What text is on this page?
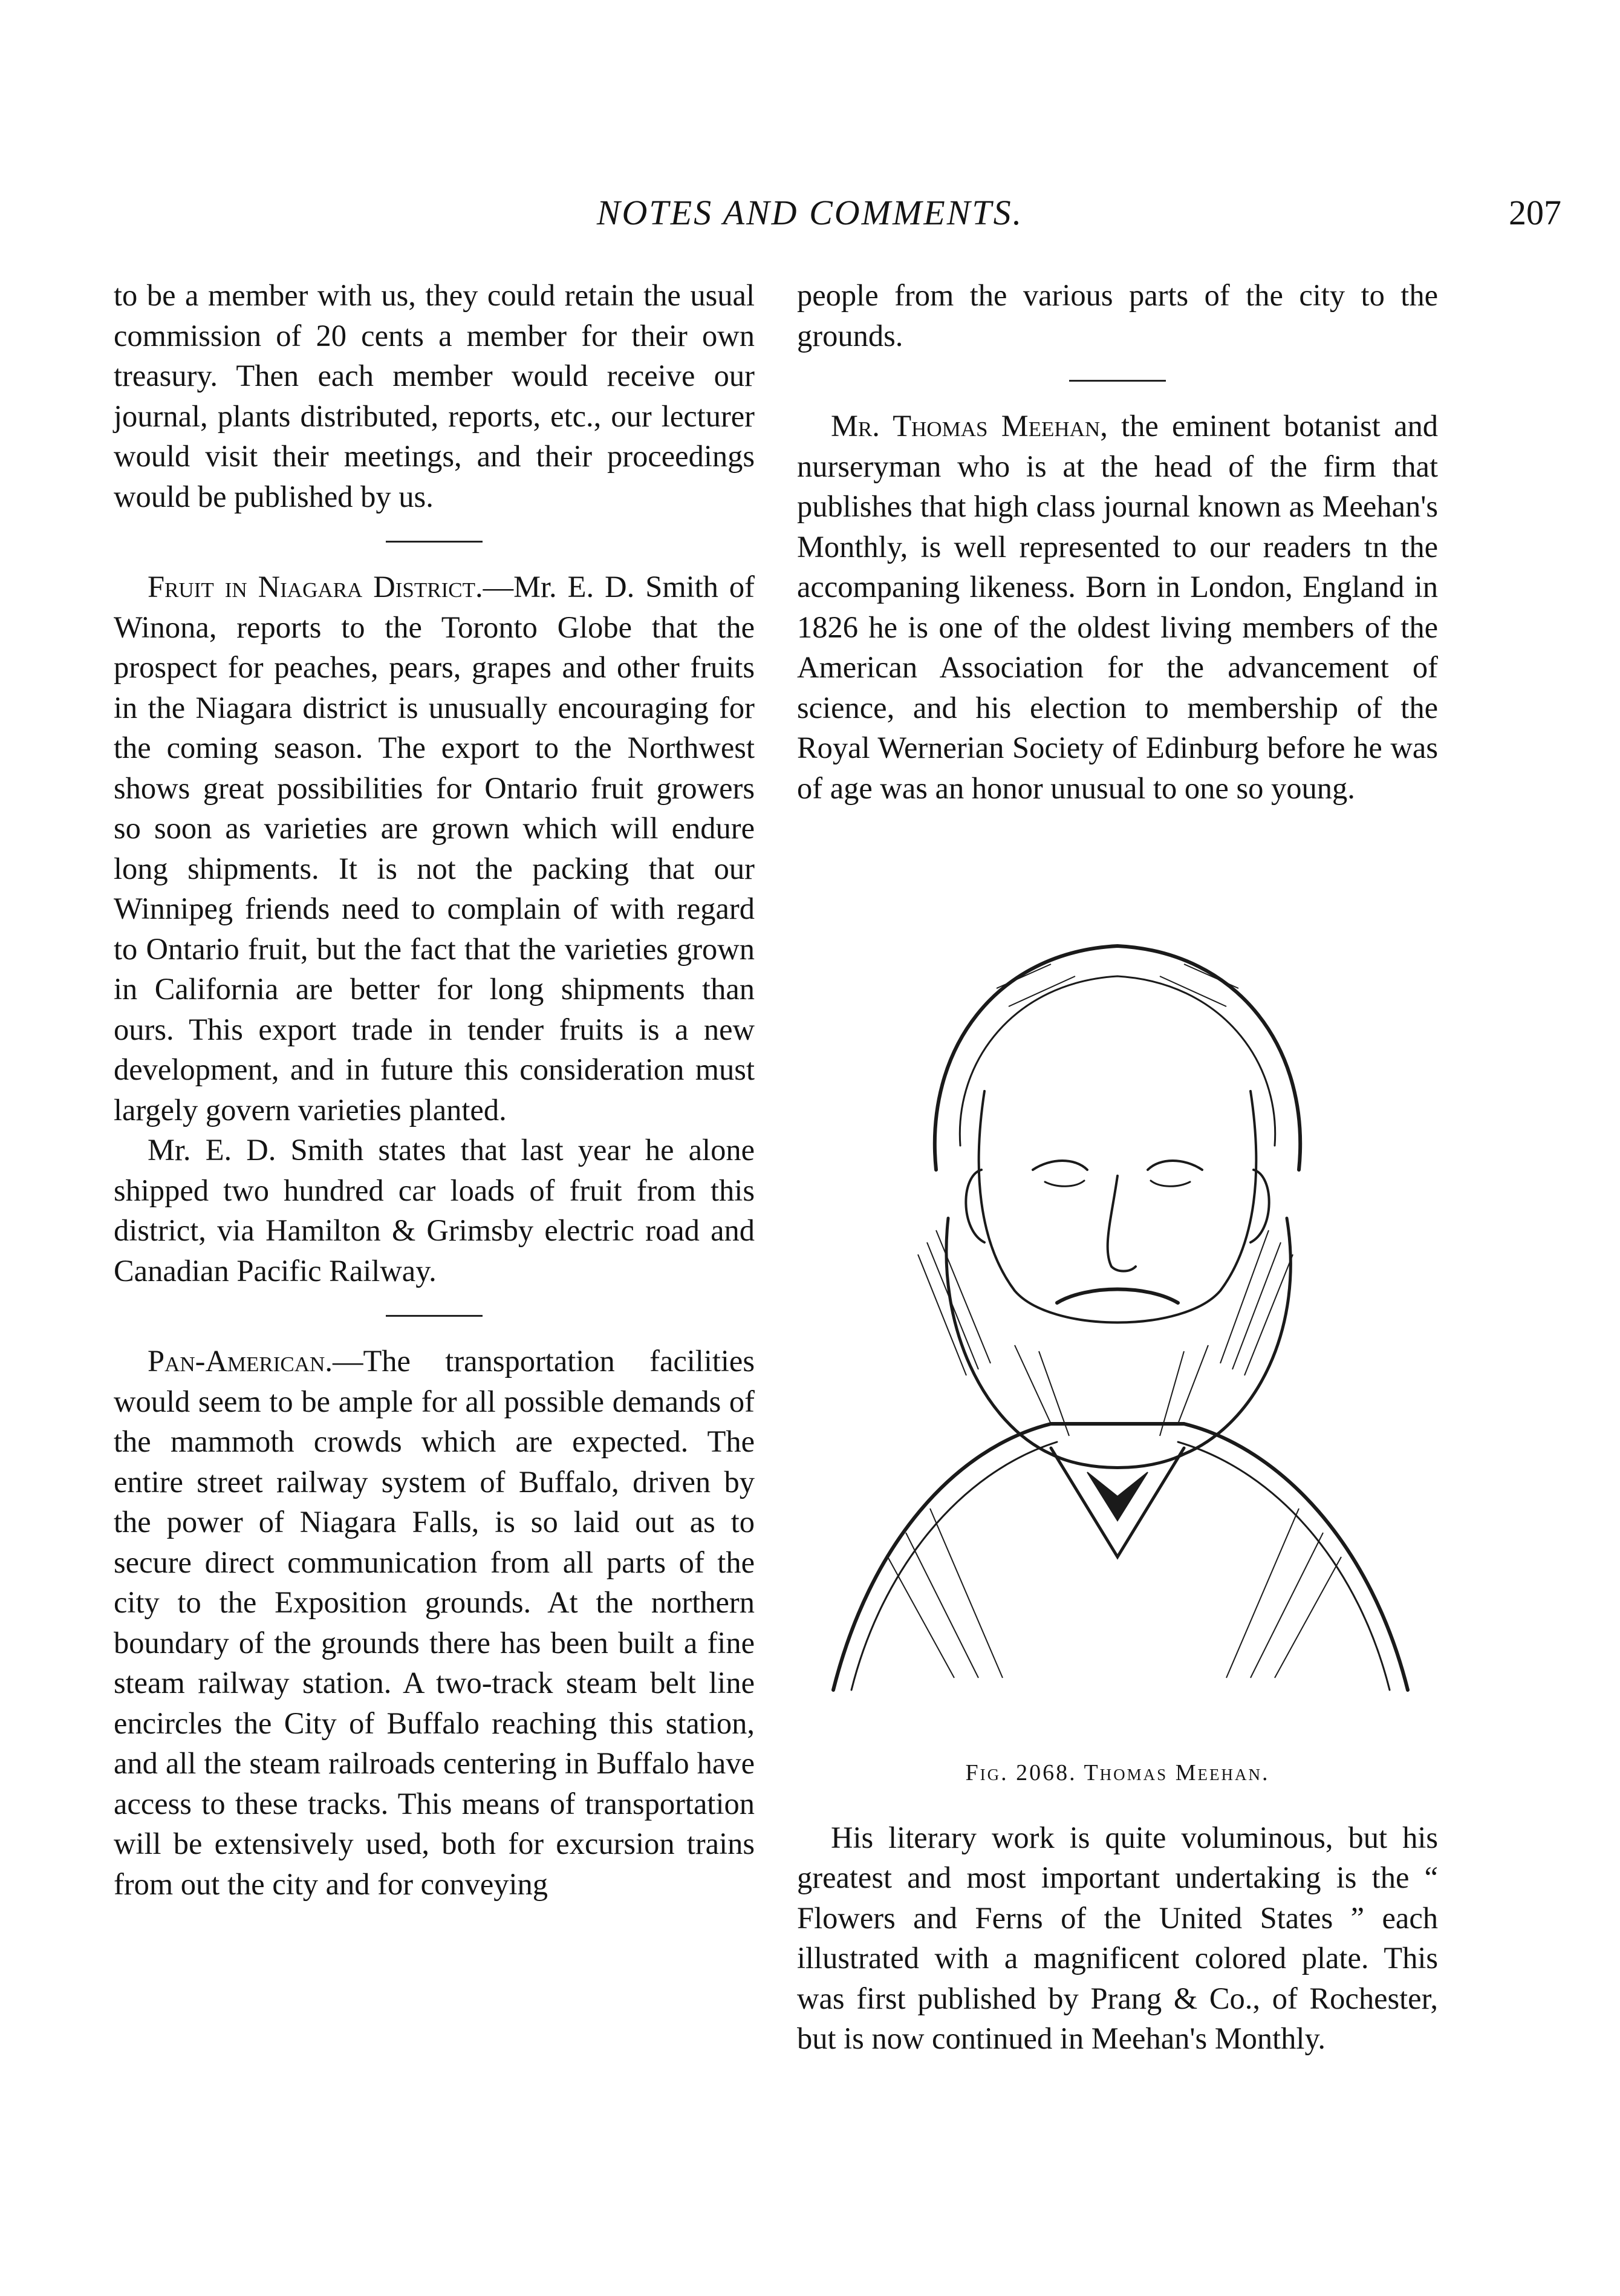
NOTES AND COMMENTS.	207

to be a member with us, they could retain the usual commission of 20 cents a member for their own treasury. Then each member would receive our journal, plants distributed, reports, etc., our lecturer would visit their meetings, and their proceedings would be published by us.

Fruit in Niagara District.—Mr. E. D. Smith of Winona, reports to the Toronto Globe that the prospect for peaches, pears, grapes and other fruits in the Niagara district is unusually encouraging for the coming season. The export to the Northwest shows great possibilities for Ontario fruit growers so soon as varieties are grown which will endure long shipments. It is not the packing that our Winnipeg friends need to complain of with regard to Ontario fruit, but the fact that the varieties grown in California are better for long shipments than ours. This export trade in tender fruits is a new development, and in future this consideration must largely govern varieties planted.

Mr. E. D. Smith states that last year he alone shipped two hundred car loads of fruit from this district, via Hamilton & Grimsby electric road and Canadian Pacific Railway.

Pan-American.—The transportation facilities would seem to be ample for all possible demands of the mammoth crowds which are expected. The entire street railway system of Buffalo, driven by the power of Niagara Falls, is so laid out as to secure direct communication from all parts of the city to the Exposition grounds. At the northern boundary of the grounds there has been built a fine steam railway station. A two-track steam belt line encircles the City of Buffalo reaching this station, and all the steam railroads centering in Buffalo have access to these tracks. This means of transportation will be extensively used, both for excursion trains from out the city and for conveying

people from the various parts of the city to the grounds.

Mr. Thomas Meehan, the eminent botanist and nurseryman who is at the head of the firm that publishes that high class journal known as Meehan's Monthly, is well represented to our readers tn the accompaning likeness. Born in London, England in 1826 he is one of the oldest living members of the American Association for the advancement of science, and his election to membership of the Royal Wernerian Society of Edinburg before he was of age was an honor unusual to one so young.

Fig. 2068. Thomas Meehan.

His literary work is quite voluminous, but his greatest and most important undertaking is the “ Flowers and Ferns of the United States ” each illustrated with a magnificent colored plate. This was first published by Prang & Co., of Rochester, but is now continued in Meehan's Monthly.
